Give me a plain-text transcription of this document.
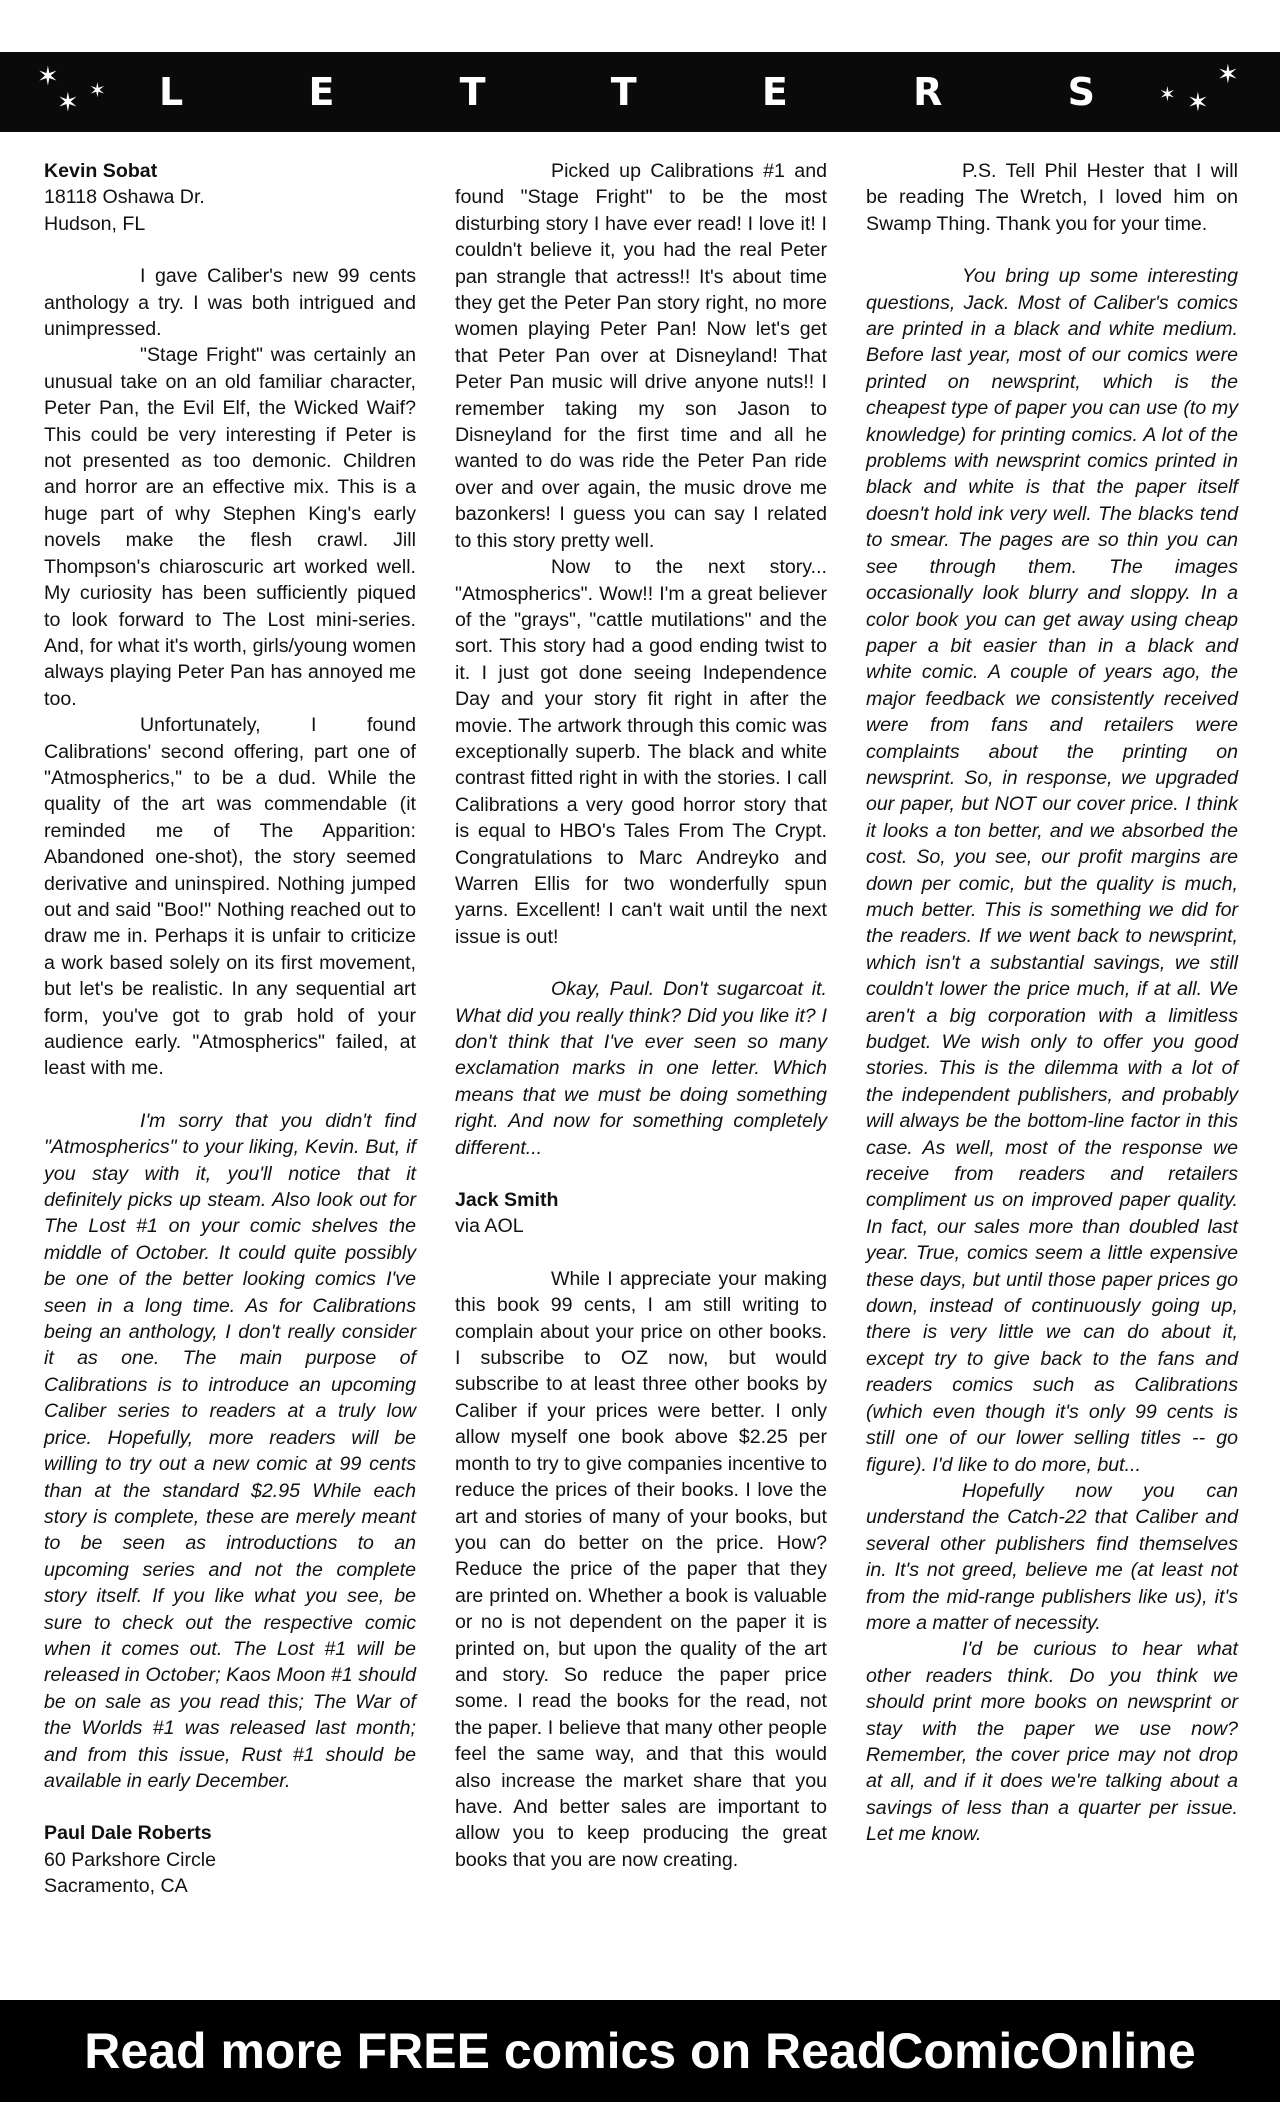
✶
✶ ✶ L E T T E R S ✶ ✶
✶

Kevin Sobat

18118 Oshawa Dr.

Hudson, FL

I gave Caliber's new 99 cents anthology a try. I was both intrigued and unimpressed.

"Stage Fright" was certainly an unusual take on an old familiar character, Peter Pan, the Evil Elf, the Wicked Waif? This could be very interesting if Peter is not presented as too demonic. Children and horror are an effective mix. This is a huge part of why Stephen King's early novels make the flesh crawl. Jill Thompson's chiaroscuric art worked well. My curiosity has been sufficiently piqued to look forward to The Lost mini-series. And, for what it's worth, girls/young women always playing Peter Pan has annoyed me too.

Unfortunately, I found Calibrations' second offering, part one of "Atmospherics," to be a dud. While the quality of the art was commendable (it reminded me of The Apparition: Abandoned one-shot), the story seemed derivative and uninspired. Nothing jumped out and said "Boo!" Nothing reached out to draw me in. Perhaps it is unfair to criticize a work based solely on its first movement, but let's be realistic. In any sequential art form, you've got to grab hold of your audience early. "Atmospherics" failed, at least with me.

I'm sorry that you didn't find "Atmospherics" to your liking, Kevin. But, if you stay with it, you'll notice that it definitely picks up steam. Also look out for The Lost #1 on your comic shelves the middle of October. It could quite possibly be one of the better looking comics I've seen in a long time. As for Calibrations being an anthology, I don't really consider it as one. The main purpose of Calibrations is to introduce an upcoming Caliber series to readers at a truly low price. Hopefully, more readers will be willing to try out a new comic at 99 cents than at the standard $2.95 While each story is complete, these are merely meant to be seen as introductions to an upcoming series and not the complete story itself. If you like what you see, be sure to check out the respective comic when it comes out. The Lost #1 will be released in October; Kaos Moon #1 should be on sale as you read this; The War of the Worlds #1 was released last month; and from this issue, Rust #1 should be available in early December.

Paul Dale Roberts

60 Parkshore Circle

Sacramento, CA

Picked up Calibrations #1 and found "Stage Fright" to be the most disturbing story I have ever read! I love it! I couldn't believe it, you had the real Peter pan strangle that actress!! It's about time they get the Peter Pan story right, no more women playing Peter Pan! Now let's get that Peter Pan over at Disneyland! That Peter Pan music will drive anyone nuts!! I remember taking my son Jason to Disneyland for the first time and all he wanted to do was ride the Peter Pan ride over and over again, the music drove me bazonkers! I guess you can say I related to this story pretty well.

Now to the next story... "Atmospherics". Wow!! I'm a great believer of the "grays", "cattle mutilations" and the sort. This story had a good ending twist to it. I just got done seeing Independence Day and your story fit right in after the movie. The artwork through this comic was exceptionally superb. The black and white contrast fitted right in with the stories. I call Calibrations a very good horror story that is equal to HBO's Tales From The Crypt. Congratulations to Marc Andreyko and Warren Ellis for two wonderfully spun yarns. Excellent! I can't wait until the next issue is out!

Okay, Paul. Don't sugarcoat it. What did you really think? Did you like it? I don't think that I've ever seen so many exclamation marks in one letter. Which means that we must be doing something right. And now for something completely different...

Jack Smith

via AOL

While I appreciate your making this book 99 cents, I am still writing to complain about your price on other books. I subscribe to OZ now, but would subscribe to at least three other books by Caliber if your prices were better. I only allow myself one book above $2.25 per month to try to give companies incentive to reduce the prices of their books. I love the art and stories of many of your books, but you can do better on the price. How? Reduce the price of the paper that they are printed on. Whether a book is valuable or no is not dependent on the paper it is printed on, but upon the quality of the art and story. So reduce the paper price some. I read the books for the read, not the paper. I believe that many other people feel the same way, and that this would also increase the market share that you have. And better sales are important to allow you to keep producing the great books that you are now creating.

P.S. Tell Phil Hester that I will be reading The Wretch, I loved him on Swamp Thing. Thank you for your time.

You bring up some interesting questions, Jack. Most of Caliber's comics are printed in a black and white medium. Before last year, most of our comics were printed on newsprint, which is the cheapest type of paper you can use (to my knowledge) for printing comics. A lot of the problems with newsprint comics printed in black and white is that the paper itself doesn't hold ink very well. The blacks tend to smear. The pages are so thin you can see through them. The images occasionally look blurry and sloppy. In a color book you can get away using cheap paper a bit easier than in a black and white comic. A couple of years ago, the major feedback we consistently received were from fans and retailers were complaints about the printing on newsprint. So, in response, we upgraded our paper, but NOT our cover price. I think it looks a ton better, and we absorbed the cost. So, you see, our profit margins are down per comic, but the quality is much, much better. This is something we did for the readers. If we went back to newsprint, which isn't a substantial savings, we still couldn't lower the price much, if at all. We aren't a big corporation with a limitless budget. We wish only to offer you good stories. This is the dilemma with a lot of the independent publishers, and probably will always be the bottom-line factor in this case. As well, most of the response we receive from readers and retailers compliment us on improved paper quality. In fact, our sales more than doubled last year. True, comics seem a little expensive these days, but until those paper prices go down, instead of continuously going up, there is very little we can do about it, except try to give back to the fans and readers comics such as Calibrations (which even though it's only 99 cents is still one of our lower selling titles -- go figure). I'd like to do more, but...

Hopefully now you can understand the Catch-22 that Caliber and several other publishers find themselves in. It's not greed, believe me (at least not from the mid-range publishers like us), it's more a matter of necessity.

I'd be curious to hear what other readers think. Do you think we should print more books on newsprint or stay with the paper we use now? Remember, the cover price may not drop at all, and if it does we're talking about a savings of less than a quarter per issue. Let me know.

Read more FREE comics on ReadComicOnline
